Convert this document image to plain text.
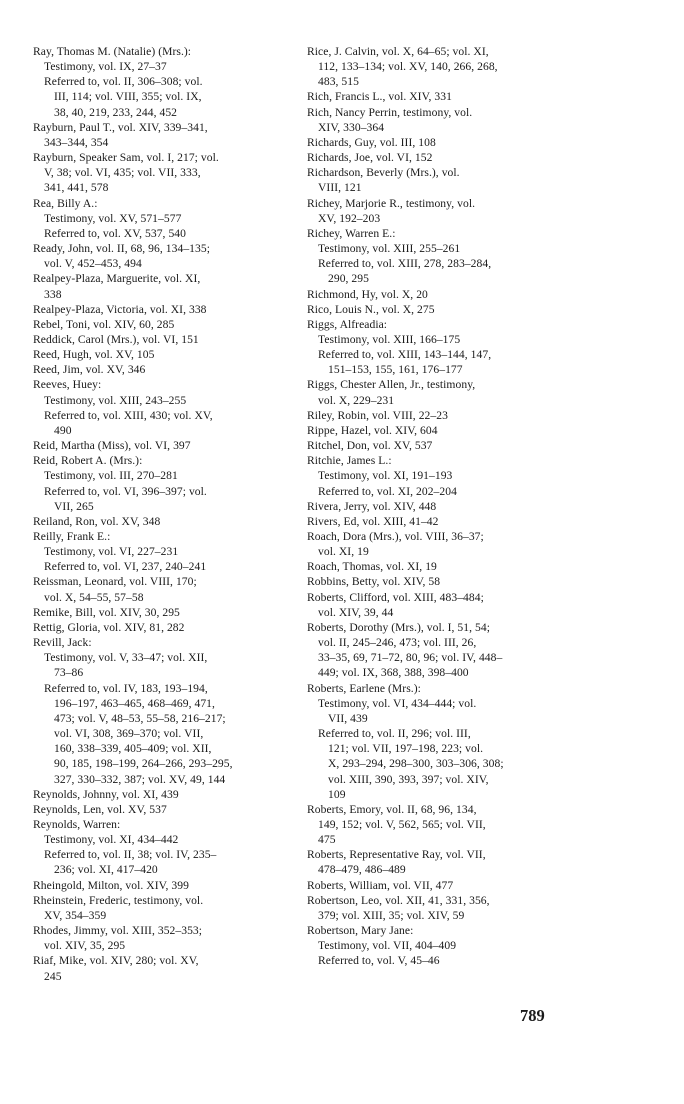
Ray, Thomas M. (Natalie) (Mrs.):
Testimony, vol. IX, 27–37
Referred to, vol. II, 306–308; vol.
III, 114; vol. VIII, 355; vol. IX,
38, 40, 219, 233, 244, 452
Rayburn, Paul T., vol. XIV, 339–341,
343–344, 354
Rayburn, Speaker Sam, vol. I, 217; vol.
V, 38; vol. VI, 435; vol. VII, 333,
341, 441, 578
Rea, Billy A.:
Testimony, vol. XV, 571–577
Referred to, vol. XV, 537, 540
Ready, John, vol. II, 68, 96, 134–135;
vol. V, 452–453, 494
Realpey-Plaza, Marguerite, vol. XI,
338
Realpey-Plaza, Victoria, vol. XI, 338
Rebel, Toni, vol. XIV, 60, 285
Reddick, Carol (Mrs.), vol. VI, 151
Reed, Hugh, vol. XV, 105
Reed, Jim, vol. XV, 346
Reeves, Huey:
Testimony, vol. XIII, 243–255
Referred to, vol. XIII, 430; vol. XV,
490
Reid, Martha (Miss), vol. VI, 397
Reid, Robert A. (Mrs.):
Testimony, vol. III, 270–281
Referred to, vol. VI, 396–397; vol.
VII, 265
Reiland, Ron, vol. XV, 348
Reilly, Frank E.:
Testimony, vol. VI, 227–231
Referred to, vol. VI, 237, 240–241
Reissman, Leonard, vol. VIII, 170;
vol. X, 54–55, 57–58
Remike, Bill, vol. XIV, 30, 295
Rettig, Gloria, vol. XIV, 81, 282
Revill, Jack:
Testimony, vol. V, 33–47; vol. XII,
73–86
Referred to, vol. IV, 183, 193–194,
196–197, 463–465, 468–469, 471,
473; vol. V, 48–53, 55–58, 216–217;
vol. VI, 308, 369–370; vol. VII,
160, 338–339, 405–409; vol. XII,
90, 185, 198–199, 264–266, 293–295,
327, 330–332, 387; vol. XV, 49, 144
Reynolds, Johnny, vol. XI, 439
Reynolds, Len, vol. XV, 537
Reynolds, Warren:
Testimony, vol. XI, 434–442
Referred to, vol. II, 38; vol. IV, 235–
236; vol. XI, 417–420
Rheingold, Milton, vol. XIV, 399
Rheinstein, Frederic, testimony, vol.
XV, 354–359
Rhodes, Jimmy, vol. XIII, 352–353;
vol. XIV, 35, 295
Riaf, Mike, vol. XIV, 280; vol. XV,
245
Rice, J. Calvin, vol. X, 64–65; vol. XI,
112, 133–134; vol. XV, 140, 266, 268,
483, 515
Rich, Francis L., vol. XIV, 331
Rich, Nancy Perrin, testimony, vol.
XIV, 330–364
Richards, Guy, vol. III, 108
Richards, Joe, vol. VI, 152
Richardson, Beverly (Mrs.), vol.
VIII, 121
Richey, Marjorie R., testimony, vol.
XV, 192–203
Richey, Warren E.:
Testimony, vol. XIII, 255–261
Referred to, vol. XIII, 278, 283–284,
290, 295
Richmond, Hy, vol. X, 20
Rico, Louis N., vol. X, 275
Riggs, Alfreadia:
Testimony, vol. XIII, 166–175
Referred to, vol. XIII, 143–144, 147,
151–153, 155, 161, 176–177
Riggs, Chester Allen, Jr., testimony,
vol. X, 229–231
Riley, Robin, vol. VIII, 22–23
Rippe, Hazel, vol. XIV, 604
Ritchel, Don, vol. XV, 537
Ritchie, James L.:
Testimony, vol. XI, 191–193
Referred to, vol. XI, 202–204
Rivera, Jerry, vol. XIV, 448
Rivers, Ed, vol. XIII, 41–42
Roach, Dora (Mrs.), vol. VIII, 36–37;
vol. XI, 19
Roach, Thomas, vol. XI, 19
Robbins, Betty, vol. XIV, 58
Roberts, Clifford, vol. XIII, 483–484;
vol. XIV, 39, 44
Roberts, Dorothy (Mrs.), vol. I, 51, 54;
vol. II, 245–246, 473; vol. III, 26,
33–35, 69, 71–72, 80, 96; vol. IV, 448–
449; vol. IX, 368, 388, 398–400
Roberts, Earlene (Mrs.):
Testimony, vol. VI, 434–444; vol.
VII, 439
Referred to, vol. II, 296; vol. III,
121; vol. VII, 197–198, 223; vol.
X, 293–294, 298–300, 303–306, 308;
vol. XIII, 390, 393, 397; vol. XIV,
109
Roberts, Emory, vol. II, 68, 96, 134,
149, 152; vol. V, 562, 565; vol. VII,
475
Roberts, Representative Ray, vol. VII,
478–479, 486–489
Roberts, William, vol. VII, 477
Robertson, Leo, vol. XII, 41, 331, 356,
379; vol. XIII, 35; vol. XIV, 59
Robertson, Mary Jane:
Testimony, vol. VII, 404–409
Referred to, vol. V, 45–46
789
